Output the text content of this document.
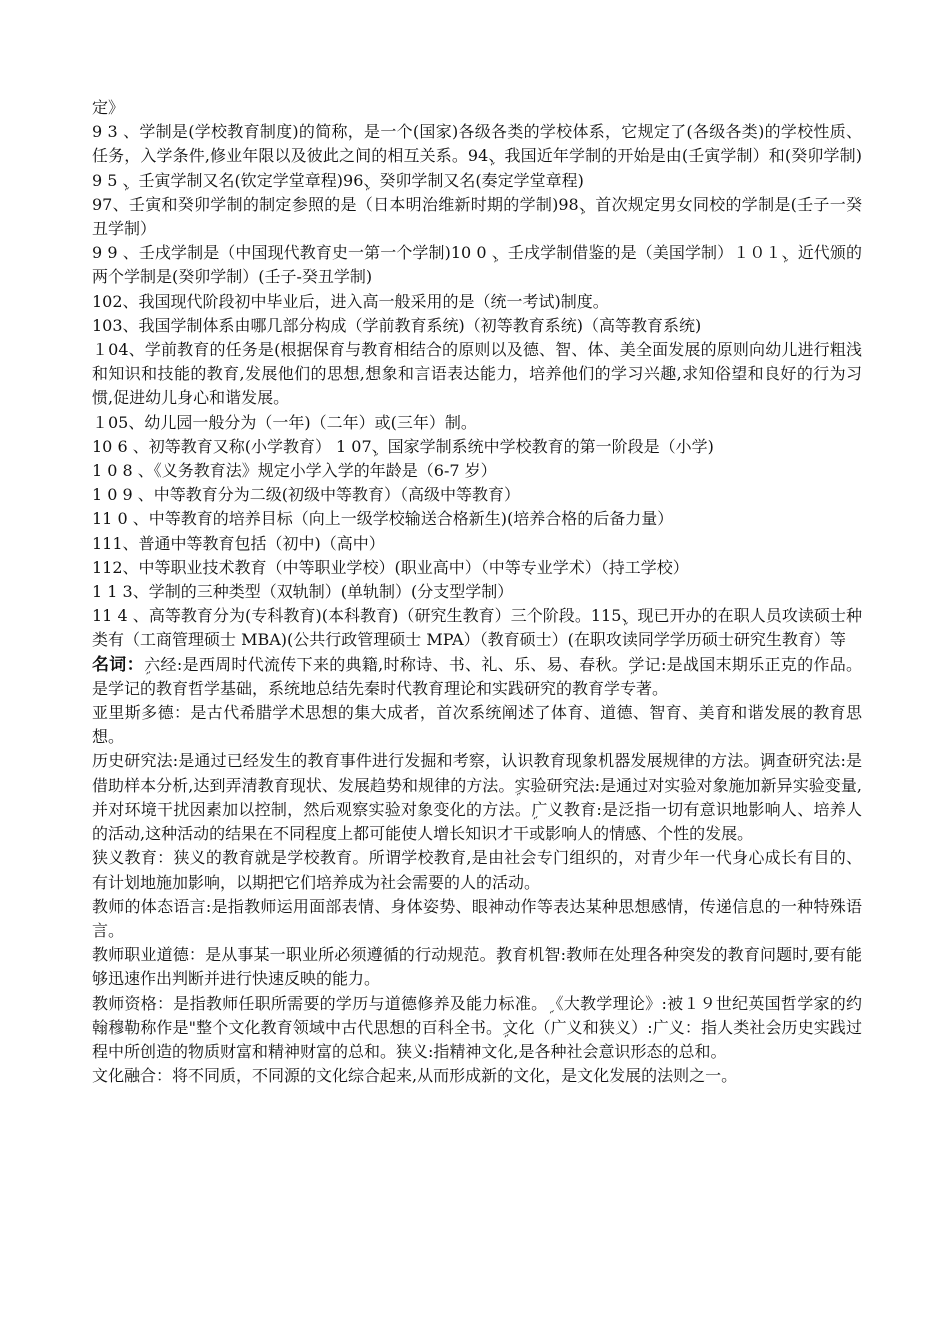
定》

9 3 、学制是(学校教育制度)的简称，是一个(国家)各级各类的学校体系，它规定了(各级各类)的学校性质、任务，入学条件,修业年限以及彼此之间的相互关系。94ܹ、我国近年学制的开始是由(壬寅学制）和(癸卯学制)9 5 ܹ、壬寅学制又名(钦定学堂章程)96ܹ、癸卯学制又名(奏定学堂章程)

97、壬寅和癸卯学制的制定参照的是（日本明治维新时期的学制)98ܹ、首次规定男女同校的学制是(壬子一癸丑学制）

9 9 、壬戌学制是（中国现代教育史一第一个学制)10 0 ܹ、壬戌学制借鉴的是（美国学制）１０１ܹ、近代颁的两个学制是(癸卯学制）(壬子-癸丑学制)

102、我国现代阶段初中毕业后，进入高一般采用的是（统一考试)制度。

103、我国学制体系由哪几部分构成（学前教育系统)（初等教育系统)（高等教育系统)

１04、学前教育的任务是(根据保育与教育相结合的原则以及德、智、体、美全面发展的原则向幼儿进行粗浅和知识和技能的教育,发展他们的思想,想象和言语表达能力，培养他们的学习兴趣,求知俗望和良好的行为习惯,促进幼儿身心和谐发展。

１05、幼儿园一般分为（一年)（二年）或(三年）制。

10 6 、初等教育又称(小学教育） 1 07ܹ、国家学制系统中学校教育的第一阶段是（小学)

1 0 8 、《义务教育法》规定小学入学的年龄是（6-7 岁）

1 0 9 、中等教育分为二级(初级中等教育）（高级中等教育）

11 0 、中等教育的培养目标（向上一级学校输送合格新生)(培养合格的后备力量）

111、普通中等教育包括（初中)（高中）

112、中等职业技术教育（中等职业学校）(职业高中）（中等专业学术）（持工学校）

1 1 3、学制的三种类型（双轨制）(单轨制）(分支型学制）

11 4 、高等教育分为(专科教育)(本科教育)（研究生教育）三个阶段。115ܹ、现已开办的在职人员攻读硕士种类有（工商管理硕士 MBA)(公共行政管理硕士 MPA）（教育硕士）(在职攻读同学学历硕士研究生教育）等

名词：ܹ六经:是西周时代流传下来的典籍,时称诗、书、礼、乐、易、春秋。ܹ学记:是战国末期乐正克的作品。是学记的教育哲学基础，系统地总结先秦时代教育理论和实践研究的教育学专著。

亚里斯多德：是古代希腊学术思想的集大成者，首次系统阐述了体育、道德、智育、美育和谐发展的教育思想。

历史研究法:是通过已经发生的教育事件进行发掘和考察，认识教育现象机器发展规律的方法。ܹ调查研究法:是借助样本分析,达到弄清教育现状、发展趋势和规律的方法。ܹ实验研究法:是通过对实验对象施加新异实验变量,并对环境干扰因素加以控制，然后观察实验对象变化的方法。ܹ广义教育:是泛指一切有意识地影响人、培养人的活动,这种活动的结果在不同程度上都可能使人增长知识才干或影响人的情感、个性的发展。

狭义教育：狭义的教育就是学校教育。所谓学校教育,是由社会专门组织的，对青少年一代身心成长有目的、有计划地施加影响，以期把它们培养成为社会需要的人的活动。

教师的体态语言:是指教师运用面部表情、身体姿势、眼神动作等表达某种思想感情，传递信息的一种特殊语言。

教师职业道德：是从事某一职业所必须遵循的行动规范。ܹ教育机智:教师在处理各种突发的教育问题时,要有能够迅速作出判断并进行快速反映的能力。

教师资格：是指教师任职所需要的学历与道德修养及能力标准。ܹ《大教学理论》:被１９世纪英国哲学家的约翰穆勒称作是"整个文化教育领域中古代思想的百科全书。ܹ文化（广义和狭义）:广义：指人类社会历史实践过程中所创造的物质财富和精神财富的总和。狭义:指精神文化,是各种社会意识形态的总和。

文化融合：将不同质，不同源的文化综合起来,从而形成新的文化，是文化发展的法则之一。
